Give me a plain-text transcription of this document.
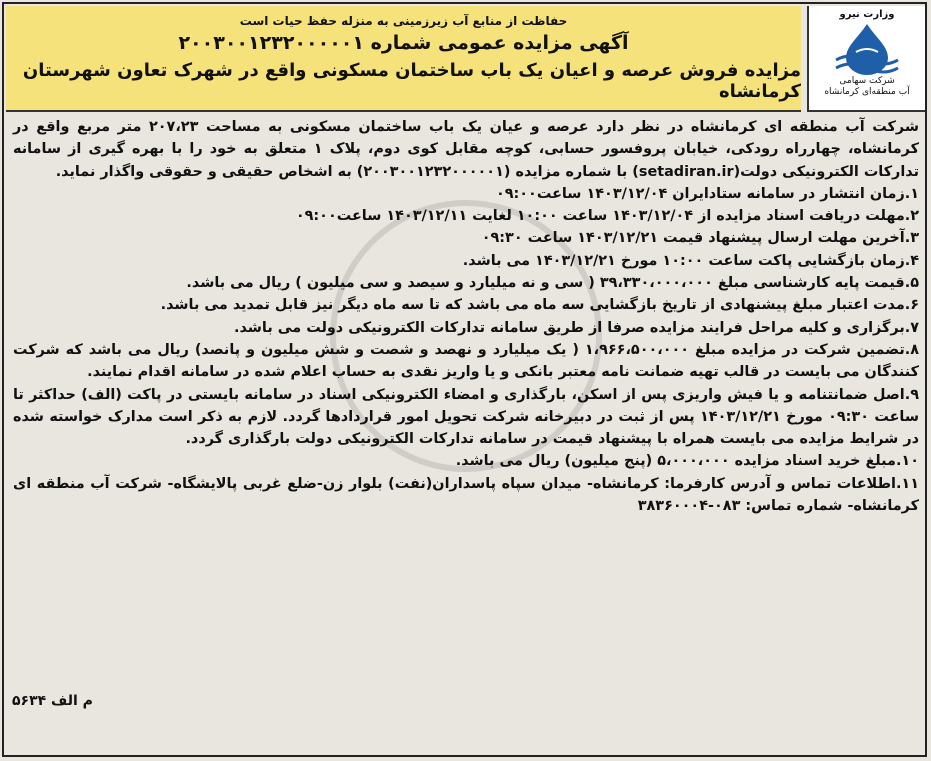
وزارت نیرو
شرکت سهامی
آب منطقه‌ای کرمانشاه
حفاظت از منابع آب زیرزمینی به منزله حفظ حیات است
آگهی مزایده عمومی شماره ۲۰۰۳۰۰۱۲۳۲۰۰۰۰۰۱
مزایده فروش عرصه و اعیان یک باب ساختمان مسکونی واقع در شهرک تعاون شهرستان کرمانشاه

شرکت آب منطقه ای کرمانشاه در نظر دارد عرصه و عیان یک باب ساختمان مسکونی به مساحت ۲۰۷،۲۳ متر مربع واقع در کرمانشاه، چهارراه رودکی، خیابان پروفسور حسابی، کوچه مقابل کوی دوم، پلاک ۱ متعلق به خود را با بهره گیری از سامانه تدارکات الکترونیکی دولت(setadiran.ir) با شماره مزایده (۲۰۰۳۰۰۱۲۳۲۰۰۰۰۰۱) به اشخاص حقیقی و حقوقی واگذار نماید.

۱.زمان انتشار در سامانه ستادایران ۱۴۰۳/۱۲/۰۴ ساعت۰۹:۰۰

۲.مهلت دریافت اسناد مزایده از ۱۴۰۳/۱۲/۰۴ ساعت ۱۰:۰۰ لغایت ۱۴۰۳/۱۲/۱۱ ساعت۰۹:۰۰

۳.آخرین مهلت ارسال پیشنهاد قیمت ۱۴۰۳/۱۲/۲۱ ساعت ۰۹:۳۰

۴.زمان بازگشایی پاکت ساعت ۱۰:۰۰ مورخ ۱۴۰۳/۱۲/۲۱ می باشد.

۵.قیمت پایه کارشناسی مبلغ ۳۹،۳۳۰،۰۰۰،۰۰۰ ( سی و نه میلیارد و سیصد و سی میلیون ) ریال می باشد.

۶.مدت اعتبار مبلغ پیشنهادی از تاریخ بازگشایی سه ماه می باشد که تا سه ماه دیگر نیز قابل تمدید می باشد.

۷.برگزاری و کلیه مراحل فرایند مزایده صرفا از طریق سامانه تدارکات الکترونیکی دولت می باشد.

۸.تضمین شرکت در مزایده مبلغ ۱،۹۶۶،۵۰۰،۰۰۰ ( یک میلیارد و نهصد و شصت و شش میلیون و پانصد) ریال می باشد که شرکت کنندگان می بایست در قالب تهیه ضمانت نامه معتبر بانکی و یا واریز نقدی به حساب اعلام شده در سامانه اقدام نمایند.

۹.اصل ضمانتنامه و یا فیش واریزی پس از اسکن، بارگذاری و امضاء الکترونیکی اسناد در سامانه بایستی در پاکت (الف) حداکثر تا ساعت ۰۹:۳۰ مورخ ۱۴۰۳/۱۲/۲۱ پس از ثبت در دبیرخانه شرکت تحویل امور قراردادها گردد. لازم به ذکر است مدارک خواسته شده در شرایط مزایده می بایست همراه با پیشنهاد قیمت در سامانه تدارکات الکترونیکی دولت بارگذاری گردد.

۱۰.مبلغ خرید اسناد مزایده ۵،۰۰۰،۰۰۰ (پنج میلیون) ریال می باشد.

۱۱.اطلاعات تماس و آدرس کارفرما: کرمانشاه- میدان سپاه پاسداران(نفت) بلوار زن-ضلع غربی پالایشگاه- شرکت آب منطقه ای کرمانشاه- شماره تماس: ۰۸۳-۳۸۳۶۰۰۰۴

م الف ۵۶۳۴
